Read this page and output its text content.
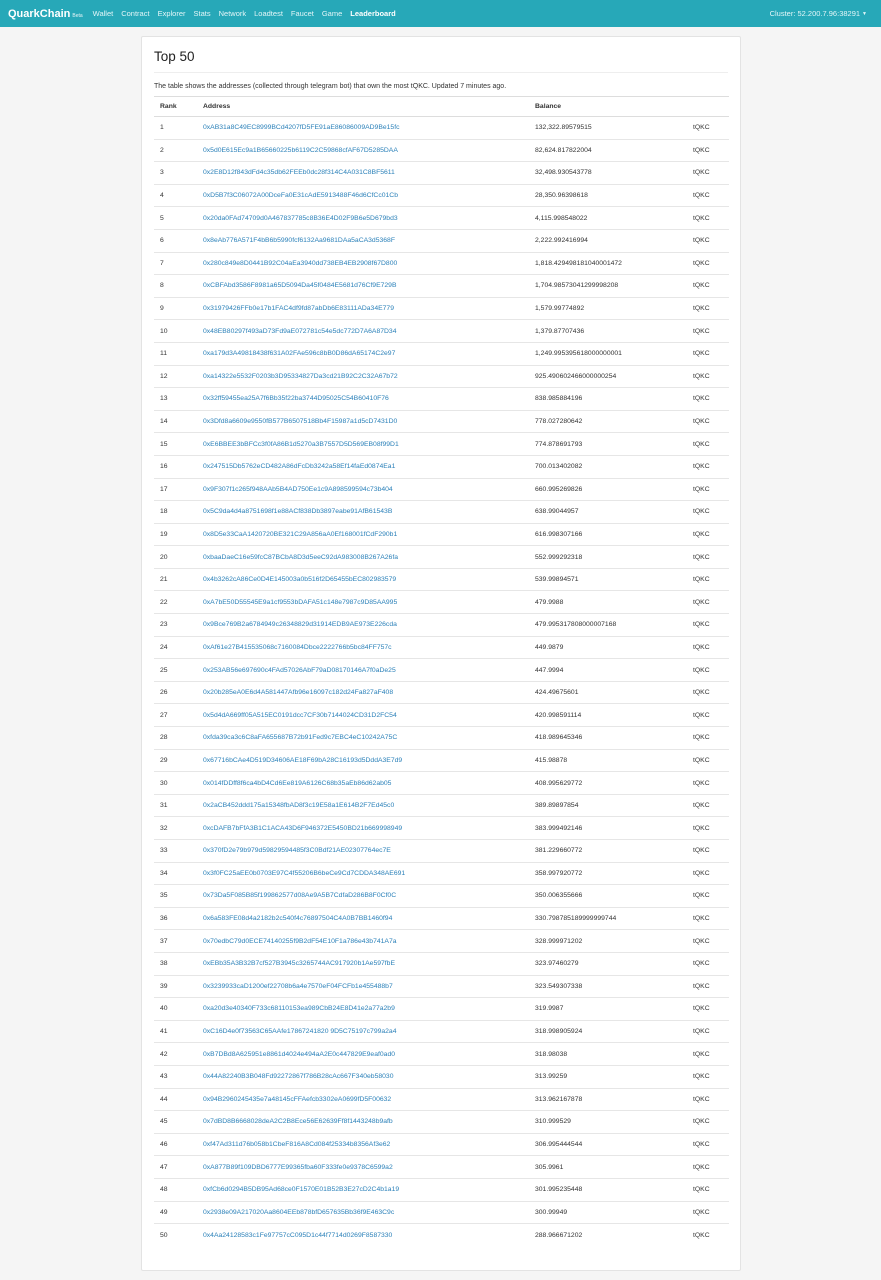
QuarkChain Beta Wallet Contract Explorer Stats Network Loadtest Faucet Game Leaderboard	Cluster: 52.200.7.96:38291 ▼
Top 50

The table shows the addresses (collected through telegram bot) that own the most tQKC. Updated 7 minutes ago.

Rank	Address	Balance	
1	0xAB31a8C49EC8999BCd4207fD5FE91aE86086009AD9Be15fc	132,322.89579515	tQKC
2	0x5d0E615Ec9a1B65660225b6119C2C59868cfAF67D5285DAA	82,624.817822004	tQKC
3	0x2E8D12f843dFd4c35db62FEEb0dc28f314C4A031C8BF5611	32,498.930543778	tQKC
4	0xD5B7f3C06072A00DceFa0E31cAdE5913488F46d6CfCc01Cb	28,350.96398618	tQKC
5	0x20da0FAd74709d0A467837785c8B36E4D02F9B6e5D679bd3	4,115.998548022	tQKC
6	0x8eAb776A571F4bB6b5990fcf6132Aa9681DAa5aCA3d5368F	2,222.992416994	tQKC
7	0x280c849e8D0441B92C04aEa3940dd738EB4EB2908f67D800	1,818.429498181040001472	tQKC
8	0xCBFAbd3586F8981a65D5094Da45f0484E5681d76Cf9E729B	1,704.98573041299998208	tQKC
9	0x31979426FFb0e17b1FAC4df9fd87abDb6E83111ADa34E779	1,579.99774892	tQKC
10	0x48EB80297f493aD73Fd9aE072781c54e5dc772D7A6A87D34	1,379.87707436	tQKC
11	0xa179d3A49818438f631A02FAe596c8bB0D86dA65174C2e97	1,249.995395618000000001	tQKC
12	0xa14322e5532F0203b3D95334827Da3cd21B92C2C32A67b72	925.490602466000000254	tQKC
13	0x32ff59455ea25A7f6Bb35f22ba3744D95025C54B60410F76	838.985884196	tQKC
14	0x3Dfd8a6609e9550fB577B6507518Bb4F15987a1d5cD7431D0	778.027280642	tQKC
15	0xE6BBEE3bBFCc3f0fA86B1d5270a3B7557D5D569EB08f99D1	774.878691793	tQKC
16	0x247515Db5762eCD482A86dFcDb3242a58Ef14faEd0874Ea1	700.013402082	tQKC
17	0x9F307f1c265f948AAb5B4AD750Ee1c9A898599594c73b404	660.995269826	tQKC
18	0x5C9da4d4a8751698f1e88ACf838Db3897eabe91AfB61543B	638.99044957	tQKC
19	0x8D5e33CaA1420720BE321C29A856aA0Ef168001fCdF290b1	616.998307166	tQKC
20	0xbaaDaeC16e59fcC87BCbA8D3d5eeC92dA983008B267A26fa	552.999292318	tQKC
21	0x4b3262cA86Ce0D4E145003a0b516f2D65455bEC802983579	539.99894571	tQKC
22	0xA7bE50D55545E9a1cf9553bDAFA51c148e7987c9D85AA995	479.9988	tQKC
23	0x9Bce769B2a6784949c26348829d31914EDB9AE973E226cda	479.995317808000007168	tQKC
24	0xAf61e27B415535068c7160084Dbce2222766b5bc84FF757c	449.9879	tQKC
25	0x253AB56e697690c4FAd57026AbF79aD08170146A7f0aDe25	447.9994	tQKC
26	0x20b285eA0E6d4A581447Afb96e16097c182d24Fa827aF408	424.49675601	tQKC
27	0x5d4dA669ff05A515EC0191dcc7CF30b7144024CD31D2FC54	420.998591114	tQKC
28	0xfda39ca3c6C8aFA655687B72b91Fed9c7EBC4eC10242A75C	418.989645346	tQKC
29	0x67716bCAe4D519D34606AE18F69bA28C16193d5DddA3E7d9	415.98878	tQKC
30	0x014fDDff8f6ca4bD4Cd6Ee819A6126C68b35aEb86d62ab05	408.995629772	tQKC
31	0x2aCB452ddd175a15348fbAD8f3c19E58a1E614B2F7Ed45c0	389.89897854	tQKC
32	0xcDAFB7bFfA3B1C1ACA43D6F946372E5450BD21b669998949	383.999492146	tQKC
33	0x370fD2e79b979d59829594485f3C0Bdf21AE02307764ec7E	381.229660772	tQKC
34	0x3f0FC25aEE0b0703E97C4f55206B6beCe9Cd7CDDA348AE691	358.997920772	tQKC
35	0x73Da5F085B85f199862577d08Ae9A5B7CdfaD286B8F0Cf0C	350.006355666	tQKC
36	0x6a583FE08d4a2182b2c540f4c76897504C4A0B7BB1460f94	330.798785189999999744	tQKC
37	0x70edbC79d0ECE74140255f9B2dF54E10F1a786e43b741A7a	328.999971202	tQKC
38	0xEBb35A3B32B7cf527B3945c3265744AC917920b1Ae597fbE	323.97460279	tQKC
39	0x3239933caD1200ef22708b6a4e7570eF04FCFb1e455488b7	323.549307338	tQKC
40	0xa20d3e40340F733c68110153ea989CbB24E8D41e2a77a2b9	319.9987	tQKC
41	0xC16D4e0f73563C65AAfe17867241820 9D5C75197c799a2a4	318.998905924	tQKC
42	0xB7DBd8A625951e8861d4024e494aA2E0c447829E9eaf0ad0	318.98038	tQKC
43	0x44A82240B3B048Fd92272867f786B28cAc667F340eb58030	313.99259	tQKC
44	0x94B2960245435e7a48145cFFAefcb3302eA0699fD5F00632	313.962167878	tQKC
45	0x7dBD8B6668028deA2C2B8Ece56E62639Ff8f1443248b9afb	310.999529	tQKC
46	0xf47Ad311d76b058b1CbeF816A8Cd084f25334b8356Af3e62	306.995444544	tQKC
47	0xA877B89f109DBD6777E99365fba60F333fe0e9378C6599a2	305.9961	tQKC
48	0xfCb6d0294B5DB95Ad68ce0F1570E01B52B3E27cD2C4b1a19	301.995235448	tQKC
49	0x2938e09A217020Aa8604EEb878bfD657635Bb36f9E463C9c	300.99949	tQKC
50	0x4Aa24128583c1Fe97757cC095D1c44f7714d0269F8587330	288.966671202	tQKC
